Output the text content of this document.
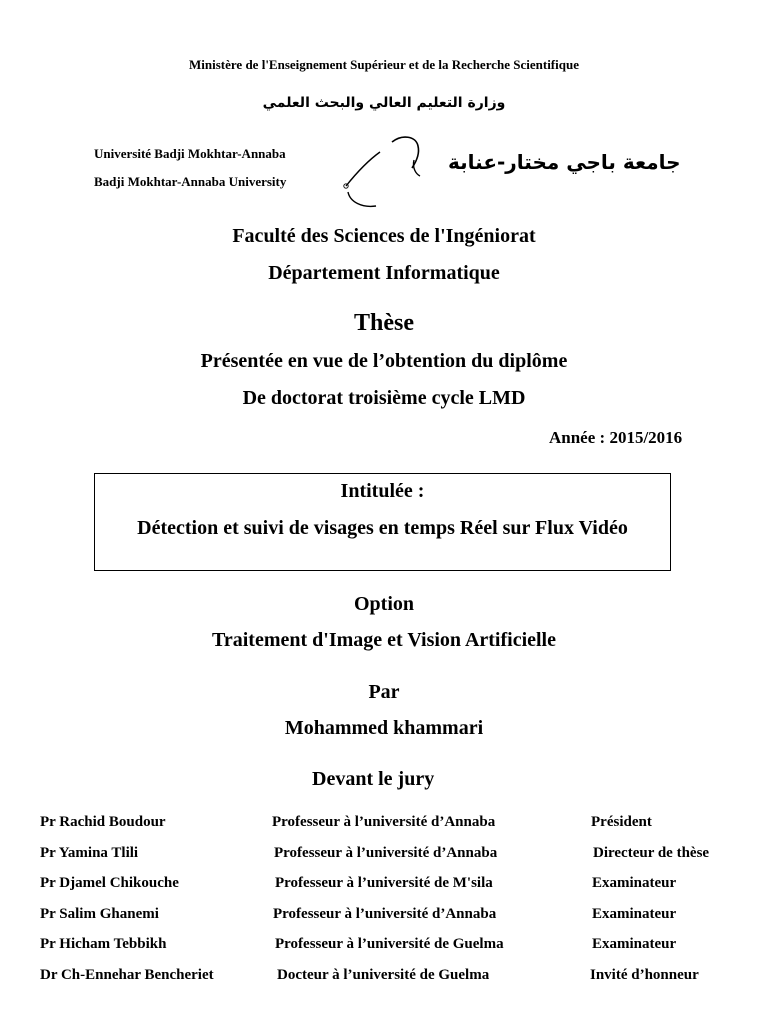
Ministère de l'Enseignement Supérieur et de la Recherche Scientifique
وزارة التعليم العالي والبحث العلمي
Université Badji Mokhtar-Annaba
Badji Mokhtar-Annaba University
جامعة باجي مختار-عنابة
Faculté des Sciences de l'Ingéniorat
Département Informatique
Thèse
Présentée en vue de l’obtention du diplôme
De doctorat troisième cycle LMD
Année : 2015/2016
Intitulée :
Détection et suivi de visages en temps Réel sur Flux Vidéo
Option
Traitement d'Image et Vision Artificielle
Par
Mohammed khammari
Devant le jury
Pr Rachid Boudour	Professeur à l’université d’Annaba	Président
Pr Yamina Tlili	Professeur à l’université d’Annaba	Directeur de thèse
Pr Djamel Chikouche	Professeur à l’université de M'sila	Examinateur
Pr Salim Ghanemi	Professeur à l’université d’Annaba	Examinateur
Pr Hicham Tebbikh	Professeur à l’université de Guelma	Examinateur
Dr Ch-Ennehar Bencheriet	Docteur à l’université de Guelma	Invité d’honneur
